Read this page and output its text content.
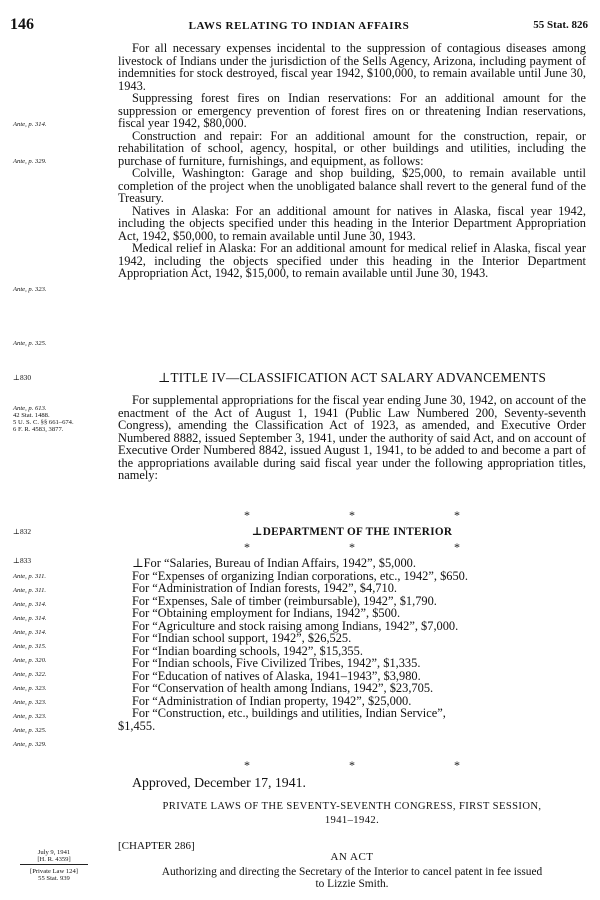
146	LAWS RELATING TO INDIAN AFFAIRS	55 Stat. 826

For all necessary expenses incidental to the suppression of contagious diseases among livestock of Indians under the jurisdiction of the Sells Agency, Arizona, including payment of indemnities for stock destroyed, fiscal year 1942, $100,000, to remain available until June 30, 1943.

Suppressing forest fires on Indian reservations: For an additional amount for the suppression or emergency prevention of forest fires on or threatening Indian reservations, fiscal year 1942, $80,000.

Construction and repair: For an additional amount for the construction, repair, or rehabilitation of school, agency, hospital, or other buildings and utilities, including the purchase of furniture, furnishings, and equipment, as follows:

Colville, Washington: Garage and shop building, $25,000, to remain available until completion of the project when the unobligated balance shall revert to the general fund of the Treasury.

Natives in Alaska: For an additional amount for natives in Alaska, fiscal year 1942, including the objects specified under this heading in the Interior Department Appropriation Act, 1942, $50,000, to remain available until June 30, 1943.

Medical relief in Alaska: For an additional amount for medical relief in Alaska, fiscal year 1942, including the objects specified under this heading in the Interior Department Appropriation Act, 1942, $15,000, to remain available until June 30, 1943.

Ante, p. 314.
Ante, p. 329.
Ante, p. 323.
Ante, p. 325.
⊥830	⊥TITLE IV—CLASSIFICATION ACT SALARY ADVANCEMENTS

For supplemental appropriations for the fiscal year ending June 30, 1942, on account of the enactment of the Act of August 1, 1941 (Public Law Numbered 200, Seventy-seventh Congress), amending the Classification Act of 1923, as amended, and Executive Order Numbered 8882, issued September 3, 1941, under the authority of said Act, and on account of Executive Order Numbered 8842, issued August 1, 1941, to be added to and become a part of the appropriations available during said fiscal year under the following appropriation titles, namely:

Ante, p. 613.
42 Stat. 1488.
5 U. S. C. §§ 661–674.
6 F. R. 4583, 3877.
* * *
⊥832	⊥DEPARTMENT OF THE INTERIOR
* * *
⊥833	⊥For “Salaries, Bureau of Indian Affairs, 1942”, $5,000.
For “Expenses of organizing Indian corporations, etc., 1942”, $650.
For “Administration of Indian forests, 1942”, $4,710.
For “Expenses, Sale of timber (reimbursable), 1942”, $1,790.
For “Obtaining employment for Indians, 1942”, $500.
For “Agriculture and stock raising among Indians, 1942”, $7,000.
For “Indian school support, 1942”, $26,525.
For “Indian boarding schools, 1942”, $15,355.
For “Indian schools, Five Civilized Tribes, 1942”, $1,335.
For “Education of natives of Alaska, 1941–1943”, $3,980.
For “Conservation of health among Indians, 1942”, $23,705.
For “Administration of Indian property, 1942”, $25,000.
For “Construction, etc., buildings and utilities, Indian Service”,
$1,455.
Ante, p. 311.
Ante, p. 311.
Ante, p. 314.
Ante, p. 314.
Ante, p. 314.
Ante, p. 315.
Ante, p. 320.
Ante, p. 322.
Ante, p. 323.
Ante, p. 323.
Ante, p. 323.
Ante, p. 325.
Ante, p. 329.
* * *
Approved, December 17, 1941.
PRIVATE LAWS OF THE SEVENTY-SEVENTH CONGRESS, FIRST SESSION,
1941–1942.
[CHAPTER 286]
AN ACT
Authorizing and directing the Secretary of the Interior to cancel patent in fee issued
to Lizzie Smith.
July 9, 1941
[H. R. 4359]
[Private Law 124]
55 Stat. 939
